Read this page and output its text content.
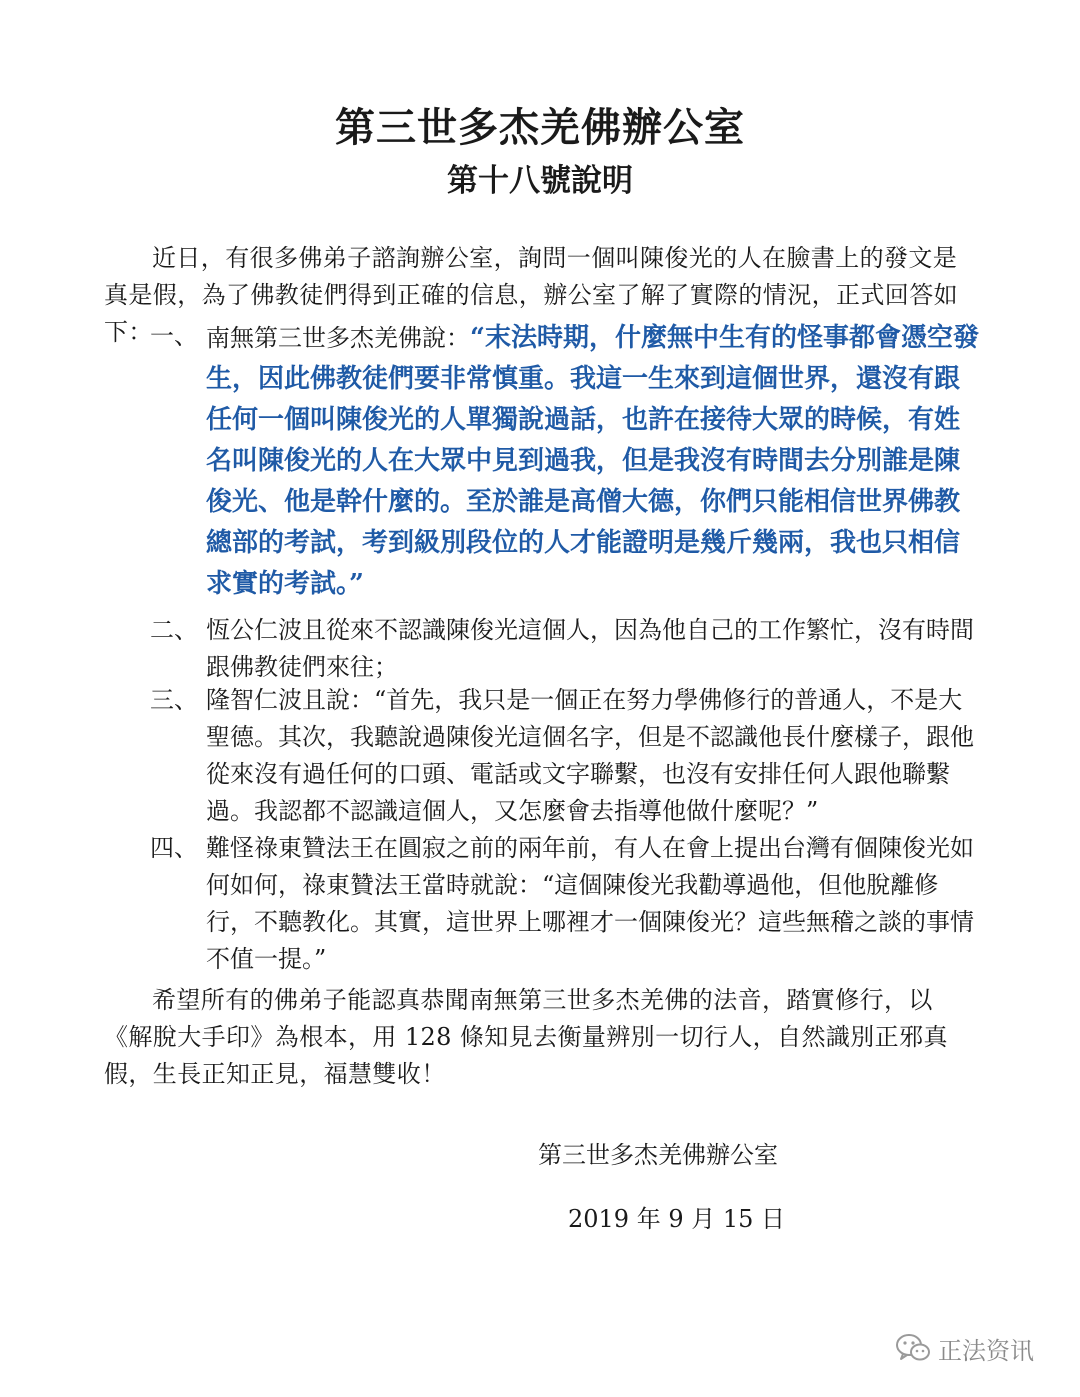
第三世多杰羌佛辦公室
第十八號說明
近日，有很多佛弟子諮詢辦公室，詢問一個叫陳俊光的人在臉書上的發文是真是假，為了佛教徒們得到正確的信息，辦公室了解了實際的情況，正式回答如下：
一、 南無第三世多杰羌佛說：“末法時期，什麼無中生有的怪事都會憑空發生，因此佛教徒們要非常慎重。我這一生來到這個世界，還沒有跟任何一個叫陳俊光的人單獨說過話，也許在接待大眾的時候，有姓名叫陳俊光的人在大眾中見到過我，但是我沒有時間去分別誰是陳俊光、他是幹什麼的。至於誰是高僧大德，你們只能相信世界佛教總部的考試，考到級別段位的人才能證明是幾斤幾兩，我也只相信求實的考試。”
二、 恆公仁波且從來不認識陳俊光這個人，因為他自己的工作繁忙，沒有時間跟佛教徒們來往；
三、 隆智仁波且說：“首先，我只是一個正在努力學佛修行的普通人，不是大聖德。其次，我聽說過陳俊光這個名字，但是不認識他長什麼樣子，跟他從來沒有過任何的口頭、電話或文字聯繫，也沒有安排任何人跟他聯繫過。我認都不認識這個人，又怎麼會去指導他做什麼呢？”
四、 難怪祿東贊法王在圓寂之前的兩年前，有人在會上提出台灣有個陳俊光如何如何，祿東贊法王當時就說：“這個陳俊光我勸導過他，但他脫離修行，不聽教化。其實，這世界上哪裡才一個陳俊光？這些無稽之談的事情不值一提。”
希望所有的佛弟子能認真恭聞南無第三世多杰羌佛的法音，踏實修行，以《解脫大手印》為根本，用 128 條知見去衡量辨別一切行人，自然識別正邪真假，生長正知正見，福慧雙收！
第三世多杰羌佛辦公室
2019 年 9 月 15 日
正法资讯
